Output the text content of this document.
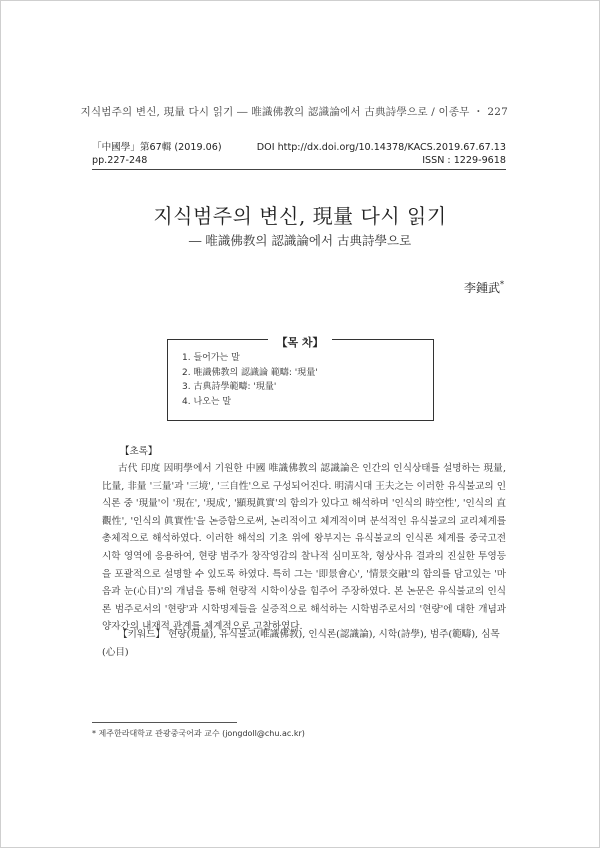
지식범주의 변신, 現量 다시 읽기 ― 唯識佛教의 認識論에서 古典詩學으로 / 이종무 ・ 227
「中國學」第67輯 (2019.06)	DOI http://dx.doi.org/10.14378/KACS.2019.67.67.13
pp.227-248	ISSN : 1229-9618
지식범주의 변신, 現量 다시 읽기
― 唯識佛教의 認識論에서 古典詩學으로
李鍾武*
【목 차】
1. 들어가는 말
2. 唯識佛教의 認識論 範疇: '現量'
3. 古典詩學範疇: '現量'
4. 나오는 말
【초록】
古代 印度 因明學에서 기원한 中國 唯識佛教의 認識論은 인간의 인식상태를 설명하는 現量, 比量, 非量 '三量'과 '三境', '三自性'으로 구성되어진다. 明淸시대 王夫之는 이러한 유식불교의 인식론 중 '現量'이 '現在', '現成', '顯現眞實'의 함의가 있다고 해석하며 '인식의 時空性', '인식의 直觀性', '인식의 眞實性'을 논증함으로써, 논리적이고 체계적이며 분석적인 유식불교의 교리체계를 총체적으로 해석하였다. 이러한 해석의 기초 위에 왕부지는 유식불교의 인식론 체계를 중국고전시학 영역에 응용하여, 현량 범주가 창작영감의 찰나적 심미포착, 형상사유 결과의 진실한 투영등을 포괄적으로 설명할 수 있도록 하였다. 특히 그는 '即景會心', '情景交融'의 함의를 담고있는 '마음과 눈(心目)'의 개념을 통해 현량적 시학이상을 힘주어 주장하였다. 본 논문은 유식불교의 인식론 범주로서의 '현량'과 시학명제들을 실증적으로 해석하는 시학범주로서의 '현량'에 대한 개념과 양자간의 내재적 관계를 체계적으로 고찰하였다.
【키워드】 현량(現量), 유식불교(唯識佛教), 인식론(認識論), 시학(詩學), 범주(範疇), 심목(心目)
* 제주한라대학교 관광중국어과 교수 (jongdoll@chu.ac.kr)
